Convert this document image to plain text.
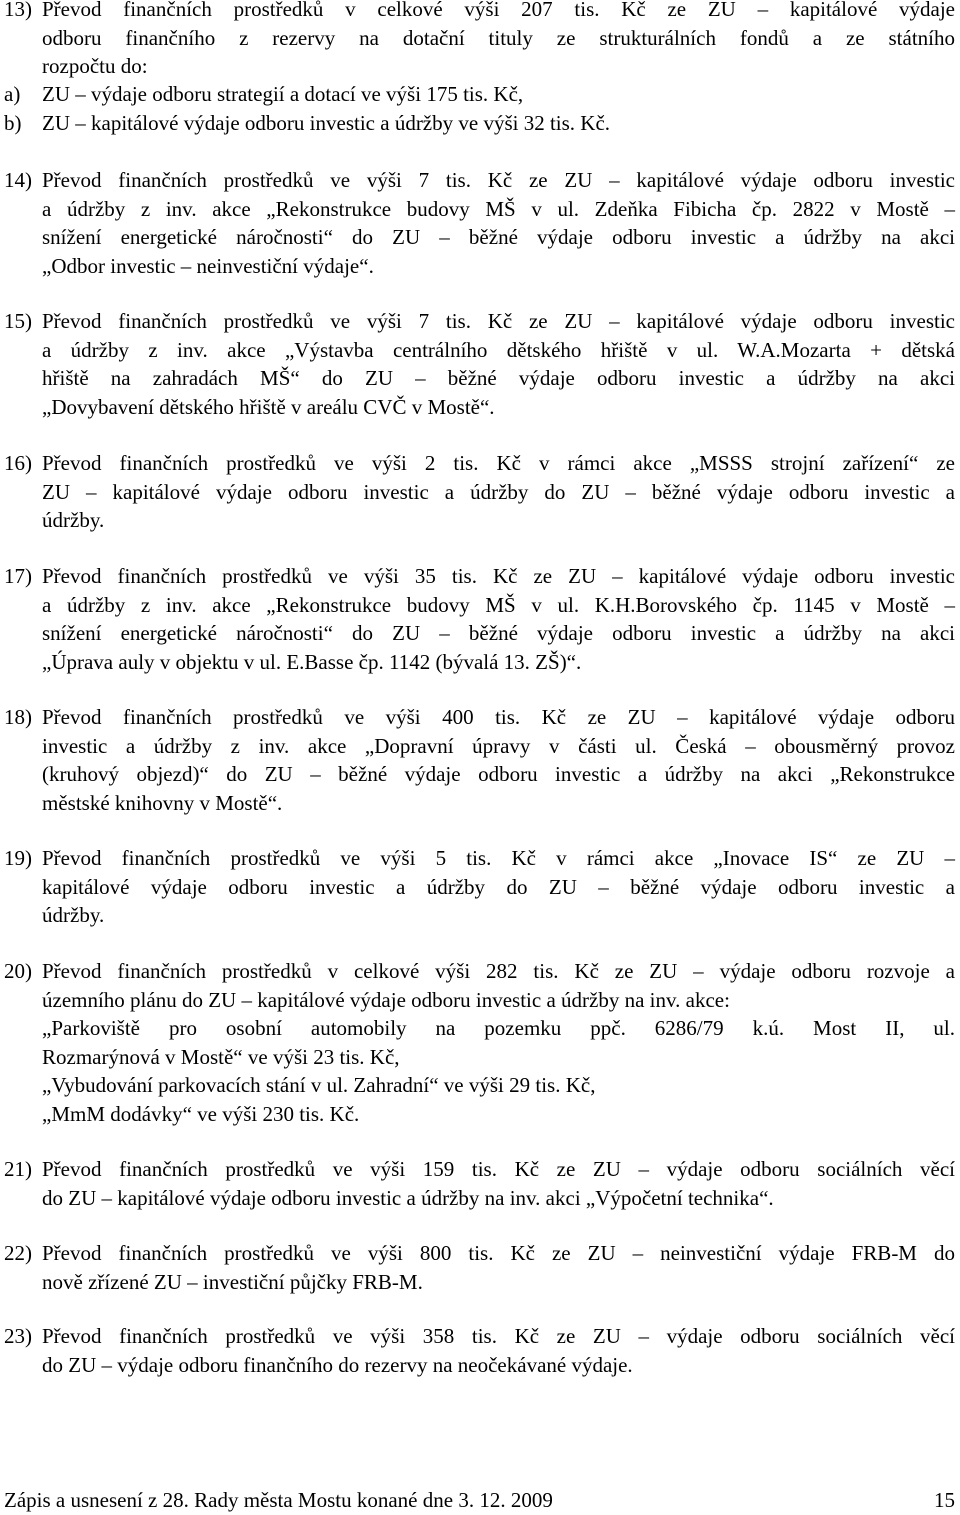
13) Převod finančních prostředků v celkové výši 207 tis. Kč ze ZU – kapitálové výdaje
odboru finančního z rezervy na dotační tituly ze strukturálních fondů a ze státního
rozpočtu do:
a)	ZU – výdaje odboru strategií a dotací ve výši 175 tis. Kč,
b) ZU – kapitálové výdaje odboru investic a údržby ve výši 32 tis. Kč.
14) Převod finančních prostředků ve výši 7 tis. Kč ze ZU – kapitálové výdaje odboru investic
a údržby z inv. akce „Rekonstrukce budovy MŠ v ul. Zdeňka Fibicha čp. 2822 v Mostě –
snížení energetické náročnosti“ do ZU – běžné výdaje odboru investic a údržby na akci
„Odbor investic – neinvestiční výdaje“.
15) Převod finančních prostředků ve výši 7 tis. Kč ze ZU – kapitálové výdaje odboru investic
a údržby z inv. akce „Výstavba centrálního dětského hřiště v ul. W.A.Mozarta + dětská
hřiště na zahradách MŠ“ do ZU – běžné výdaje odboru investic a údržby na akci
„Dovybavení dětského hřiště v areálu CVČ v Mostě“.
16) Převod finančních prostředků ve výši 2 tis. Kč v rámci akce „MSSS strojní zařízení“ ze
ZU – kapitálové výdaje odboru investic a údržby do ZU – běžné výdaje odboru investic a
údržby.
17) Převod finančních prostředků ve výši 35 tis. Kč ze ZU – kapitálové výdaje odboru investic
a údržby z inv. akce „Rekonstrukce budovy MŠ v ul. K.H.Borovského čp. 1145 v Mostě –
snížení energetické náročnosti“ do ZU – běžné výdaje odboru investic a údržby na akci
„Úprava auly v objektu v ul. E.Basse čp. 1142 (bývalá 13. ZŠ)“.
18) Převod finančních prostředků ve výši 400 tis. Kč ze ZU – kapitálové výdaje odboru
investic a údržby z inv. akce „Dopravní úpravy v části ul. Česká – obousměrný provoz
(kruhový objezd)“ do ZU – běžné výdaje odboru investic a údržby na akci „Rekonstrukce
městské knihovny v Mostě“.
19) Převod finančních prostředků ve výši 5 tis. Kč v rámci akce „Inovace IS“ ze ZU –
kapitálové výdaje odboru investic a údržby do ZU – běžné výdaje odboru investic a
údržby.
20) Převod finančních prostředků v celkové výši 282 tis. Kč ze ZU – výdaje odboru rozvoje a
územního plánu do ZU – kapitálové výdaje odboru investic a údržby na inv. akce:
„Parkoviště pro osobní automobily na pozemku ppč. 6286/79 k.ú. Most II, ul.
Rozmarýnová v Mostě“ ve výši 23 tis. Kč,
„Vybudování parkovacích stání v ul. Zahradní“ ve výši 29 tis. Kč,
„MmM dodávky“ ve výši 230 tis. Kč.
21) Převod finančních prostředků ve výši 159 tis. Kč ze ZU – výdaje odboru sociálních věcí
do ZU – kapitálové výdaje odboru investic a údržby na inv. akci „Výpočetní technika“.
22) Převod finančních prostředků ve výši 800 tis. Kč ze ZU – neinvestiční výdaje FRB-M do
nově zřízené ZU – investiční půjčky FRB-M.
23) Převod finančních prostředků ve výši 358 tis. Kč ze ZU – výdaje odboru sociálních věcí
do ZU – výdaje odboru finančního do rezervy na neočekávané výdaje.
Zápis a usnesení z 28. Rady města Mostu konané dne 3. 12. 2009	15
